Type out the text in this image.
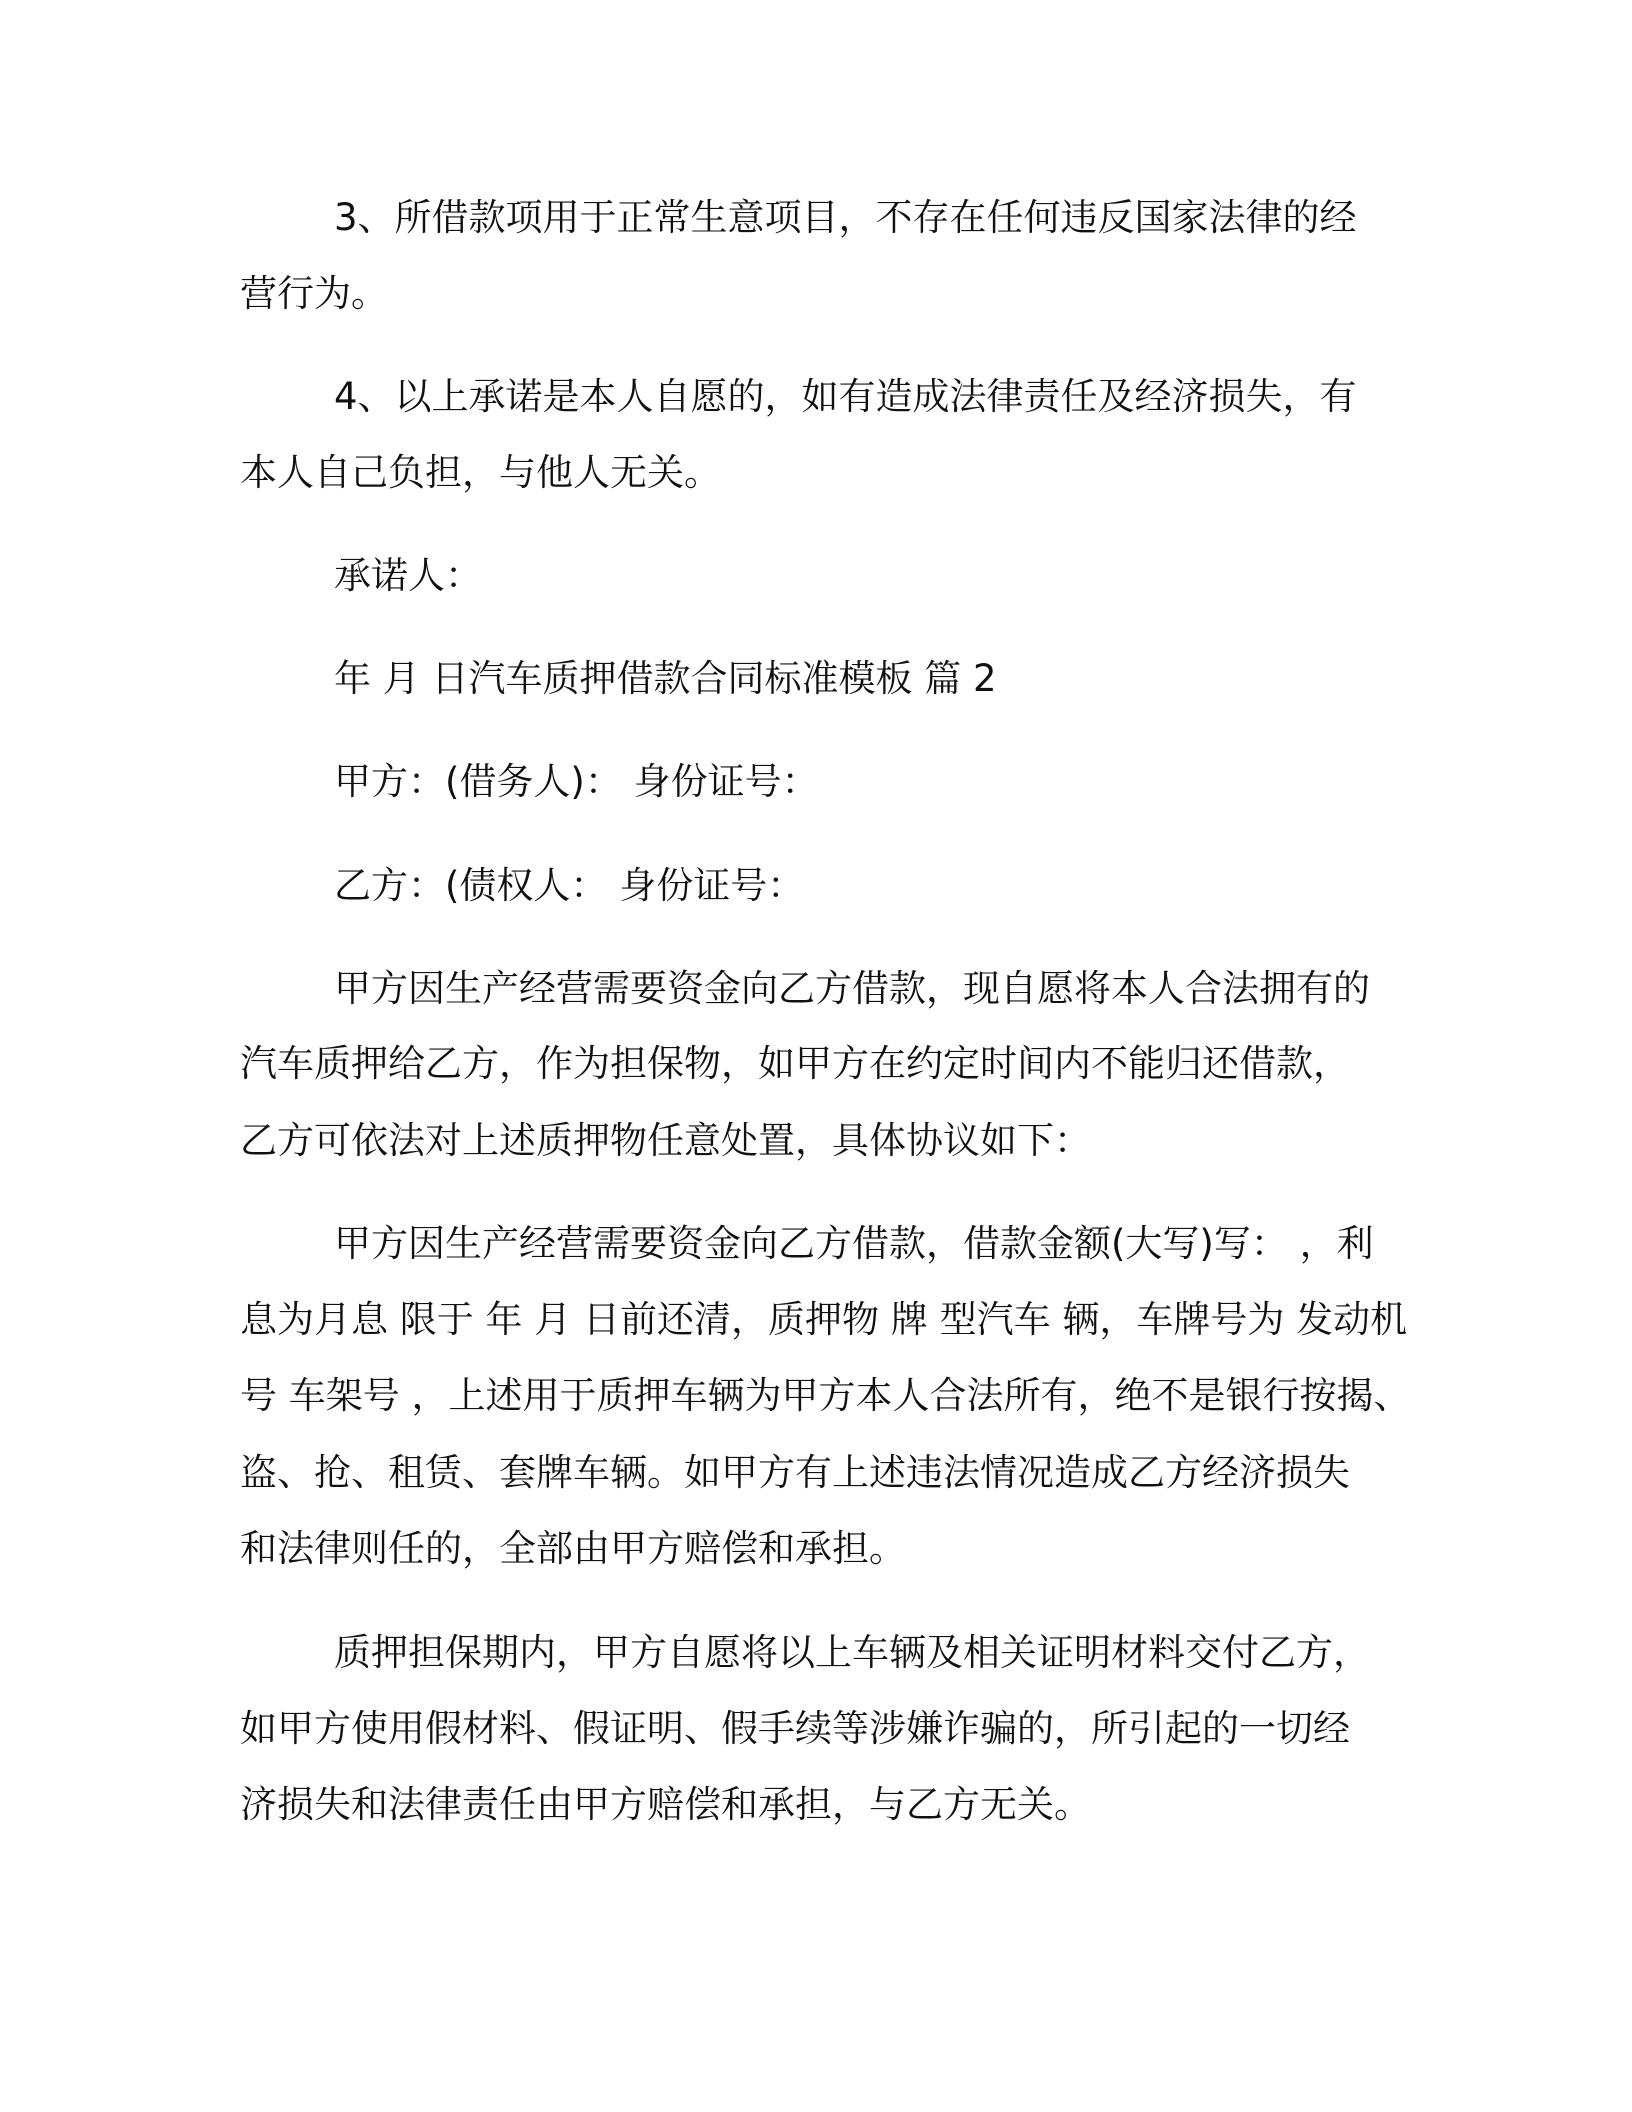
3、所借款项用于正常生意项目，不存在任何违反国家法律的经
营行为。
4、以上承诺是本人自愿的，如有造成法律责任及经济损失，有
本人自己负担，与他人无关。
承诺人：
年 月 日汽车质押借款合同标准模板 篇 2
甲方：(借务人)： 身份证号：
乙方：(债权人： 身份证号：
甲方因生产经营需要资金向乙方借款，现自愿将本人合法拥有的
汽车质押给乙方，作为担保物，如甲方在约定时间内不能归还借款，
乙方可依法对上述质押物任意处置，具体协议如下：
甲方因生产经营需要资金向乙方借款，借款金额(大写)写： ，利
息为月息 限于 年 月 日前还清，质押物 牌 型汽车 辆，车牌号为 发动机
号 车架号 ，上述用于质押车辆为甲方本人合法所有，绝不是银行按揭、
盗、抢、租赁、套牌车辆。如甲方有上述违法情况造成乙方经济损失
和法律则任的，全部由甲方赔偿和承担。
质押担保期内，甲方自愿将以上车辆及相关证明材料交付乙方，
如甲方使用假材料、假证明、假手续等涉嫌诈骗的，所引起的一切经
济损失和法律责任由甲方赔偿和承担，与乙方无关。
